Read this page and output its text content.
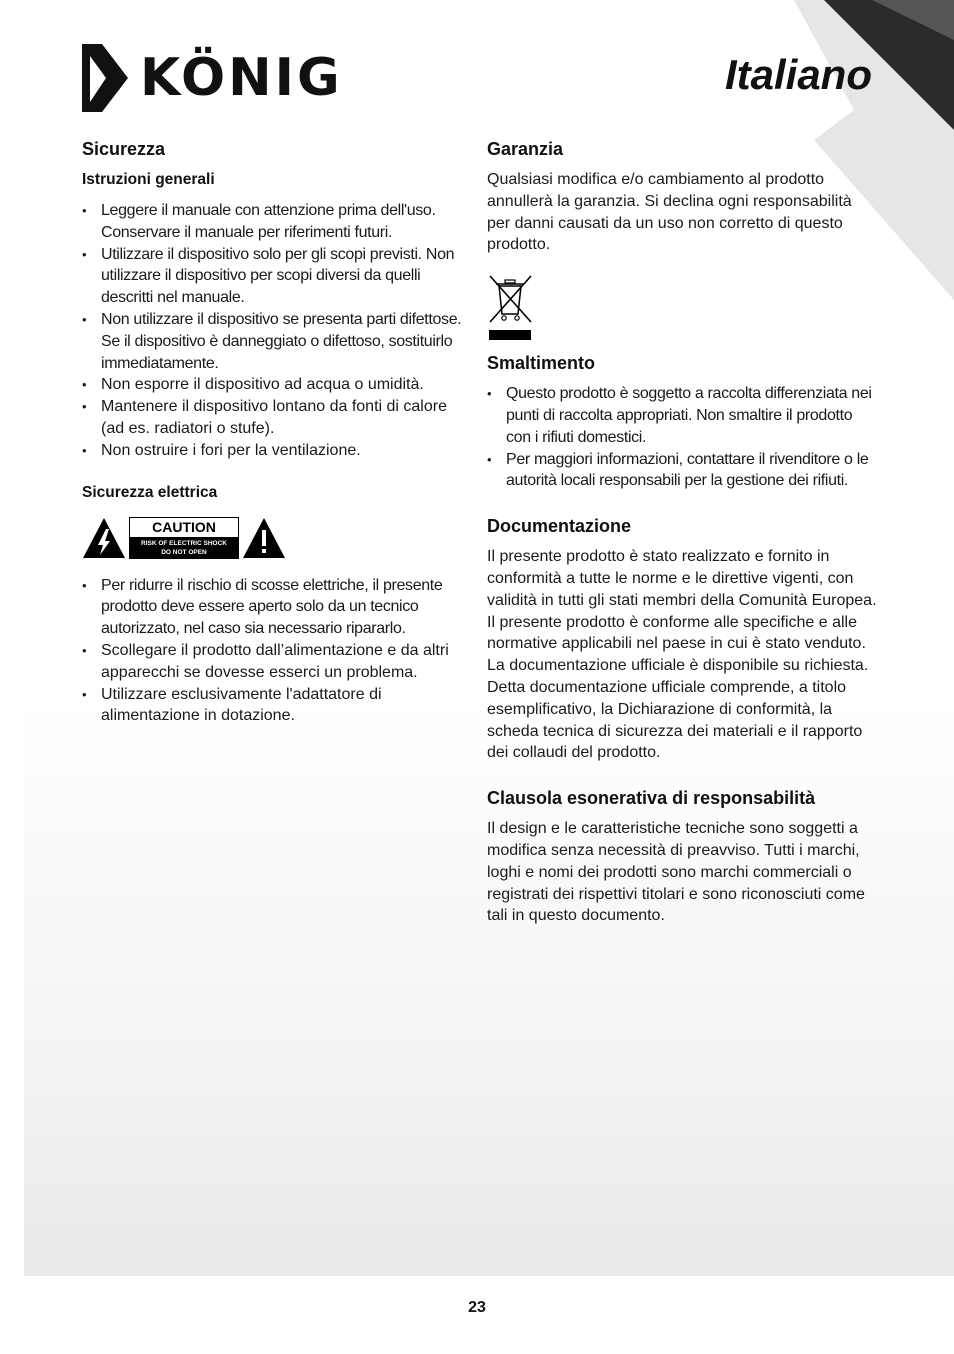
KÖNIG	Italiano
Sicurezza
Istruzioni generali
• Leggere il manuale con attenzione prima dell'uso. Conservare il manuale per riferimenti futuri.
• Utilizzare il dispositivo solo per gli scopi previsti. Non utilizzare il dispositivo per scopi diversi da quelli descritti nel manuale.
• Non utilizzare il dispositivo se presenta parti difettose. Se il dispositivo è danneggiato o difettoso, sostituirlo immediatamente.
• Non esporre il dispositivo ad acqua o umidità.
• Mantenere il dispositivo lontano da fonti di calore (ad es. radiatori o stufe).
• Non ostruire i fori per la ventilazione.
Sicurezza elettrica
CAUTION
RISK OF ELECTRIC SHOCK
DO NOT OPEN
• Per ridurre il rischio di scosse elettriche, il presente prodotto deve essere aperto solo da un tecnico autorizzato, nel caso sia necessario ripararlo.
• Scollegare il prodotto dall’alimentazione e da altri apparecchi se dovesse esserci un problema.
• Utilizzare esclusivamente l'adattatore di alimentazione in dotazione.
Garanzia

Qualsiasi modifica e/o cambiamento al prodotto annullerà la garanzia. Si declina ogni responsabilità per danni causati da un uso non corretto di questo prodotto.

Smaltimento
• Questo prodotto è soggetto a raccolta differenziata nei punti di raccolta appropriati. Non smaltire il prodotto con i rifiuti domestici.
• Per maggiori informazioni, contattare il rivenditore o le autorità locali responsabili per la gestione dei rifiuti.
Documentazione

Il presente prodotto è stato realizzato e fornito in conformità a tutte le norme e le direttive vigenti, con validità in tutti gli stati membri della Comunità Europea. Il presente prodotto è conforme alle specifiche e alle normative applicabili nel paese in cui è stato venduto.

La documentazione ufficiale è disponibile su richiesta. Detta documentazione ufficiale comprende, a titolo esemplificativo, la Dichiarazione di conformità, la scheda tecnica di sicurezza dei materiali e il rapporto dei collaudi del prodotto.

Clausola esonerativa di responsabilità

Il design e le caratteristiche tecniche sono soggetti a modifica senza necessità di preavviso. Tutti i marchi, loghi e nomi dei prodotti sono marchi commerciali o registrati dei rispettivi titolari e sono riconosciuti come tali in questo documento.

23
